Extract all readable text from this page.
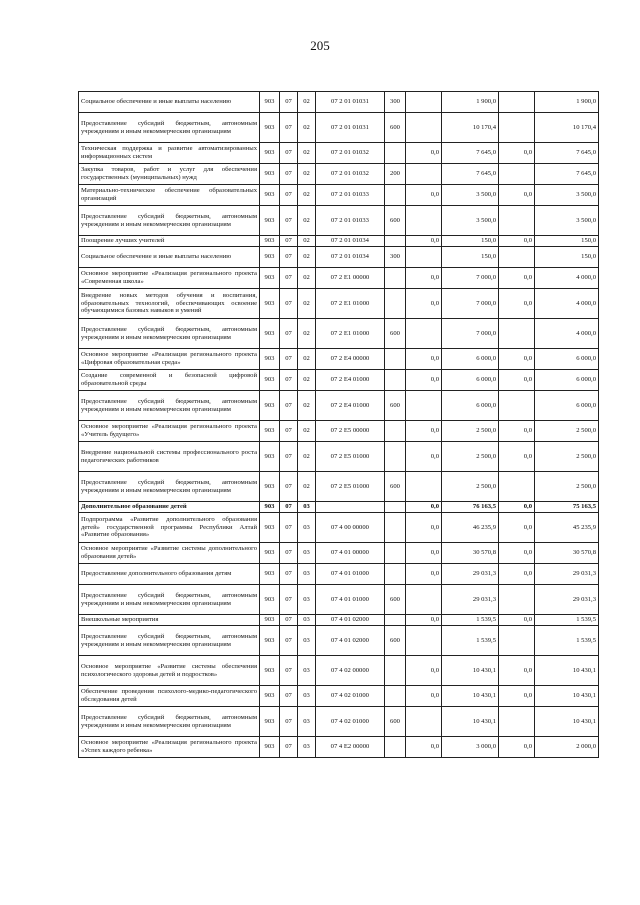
205
Социальное обеспечение и иные выплаты населению	903	07	02	07 2 01 01031	300		1 900,0		1 900,0
Предоставление субсидий бюджетным, автономным учреждениям и иным некоммерческим организациям	903	07	02	07 2 01 01031	600		10 170,4		10 170,4
Техническая поддержка и развитие автоматизированных информационных систем	903	07	02	07 2 01 01032		0,0	7 645,0	0,0	7 645,0
Закупка товаров, работ и услуг для обеспечения государственных (муниципальных) нужд	903	07	02	07 2 01 01032	200		7 645,0		7 645,0
Материально-техническое обеспечение образовательных организаций	903	07	02	07 2 01 01033		0,0	3 500,0	0,0	3 500,0
Предоставление субсидий бюджетным, автономным учреждениям и иным некоммерческим организациям	903	07	02	07 2 01 01033	600		3 500,0		3 500,0
Поощрение лучших учителей	903	07	02	07 2 01 01034		0,0	150,0	0,0	150,0
Социальное обеспечение и иные выплаты населению	903	07	02	07 2 01 01034	300		150,0		150,0
Основное мероприятие «Реализация регионального проекта «Современная школа»	903	07	02	07 2 E1 00000		0,0	7 000,0	0,0	4 000,0
Внедрение новых методов обучения и воспитания, образовательных технологий, обеспечивающих освоение обучающимися базовых навыков и умений	903	07	02	07 2 E1 01000		0,0	7 000,0	0,0	4 000,0
Предоставление субсидий бюджетным, автономным учреждениям и иным некоммерческим организациям	903	07	02	07 2 E1 01000	600		7 000,0		4 000,0
Основное мероприятие «Реализация регионального проекта «Цифровая образовательная среда»	903	07	02	07 2 E4 00000		0,0	6 000,0	0,0	6 000,0
Создание современной и безопасной цифровой образовательной среды	903	07	02	07 2 E4 01000		0,0	6 000,0	0,0	6 000,0
Предоставление субсидий бюджетным, автономным учреждениям и иным некоммерческим организациям	903	07	02	07 2 E4 01000	600		6 000,0		6 000,0
Основное мероприятие «Реализация регионального проекта «Учитель будущего»	903	07	02	07 2 E5 00000		0,0	2 500,0	0,0	2 500,0
Внедрение национальной системы профессионального роста педагогических работников	903	07	02	07 2 E5 01000		0,0	2 500,0	0,0	2 500,0
Предоставление субсидий бюджетным, автономным учреждениям и иным некоммерческим организациям	903	07	02	07 2 E5 01000	600		2 500,0		2 500,0
Дополнительное образование детей	903	07	03			0,0	76 163,5	0,0	75 163,5
Подпрограмма «Развитие дополнительного образования детей» государственной программы Республики Алтай «Развитие образования»	903	07	03	07 4 00 00000		0,0	46 235,9	0,0	45 235,9
Основное мероприятие «Развитие системы дополнительного образования детей»	903	07	03	07 4 01 00000		0,0	30 570,8	0,0	30 570,8
Предоставление дополнительного образования детям	903	07	03	07 4 01 01000		0,0	29 031,3	0,0	29 031,3
Предоставление субсидий бюджетным, автономным учреждениям и иным некоммерческим организациям	903	07	03	07 4 01 01000	600		29 031,3		29 031,3
Внешкольные мероприятия	903	07	03	07 4 01 02000		0,0	1 539,5	0,0	1 539,5
Предоставление субсидий бюджетным, автономным учреждениям и иным некоммерческим организациям	903	07	03	07 4 01 02000	600		1 539,5		1 539,5
Основное мероприятие «Развитие системы обеспечения психологического здоровья детей и подростков»	903	07	03	07 4 02 00000		0,0	10 430,1	0,0	10 430,1
Обеспечение проведения психолого-медико-педагогического обследования детей	903	07	03	07 4 02 01000		0,0	10 430,1	0,0	10 430,1
Предоставление субсидий бюджетным, автономным учреждениям и иным некоммерческим организациям	903	07	03	07 4 02 01000	600		10 430,1		10 430,1
Основное мероприятие «Реализация регионального проекта «Успех каждого ребенка»	903	07	03	07 4 E2 00000		0,0	3 000,0	0,0	2 000,0
